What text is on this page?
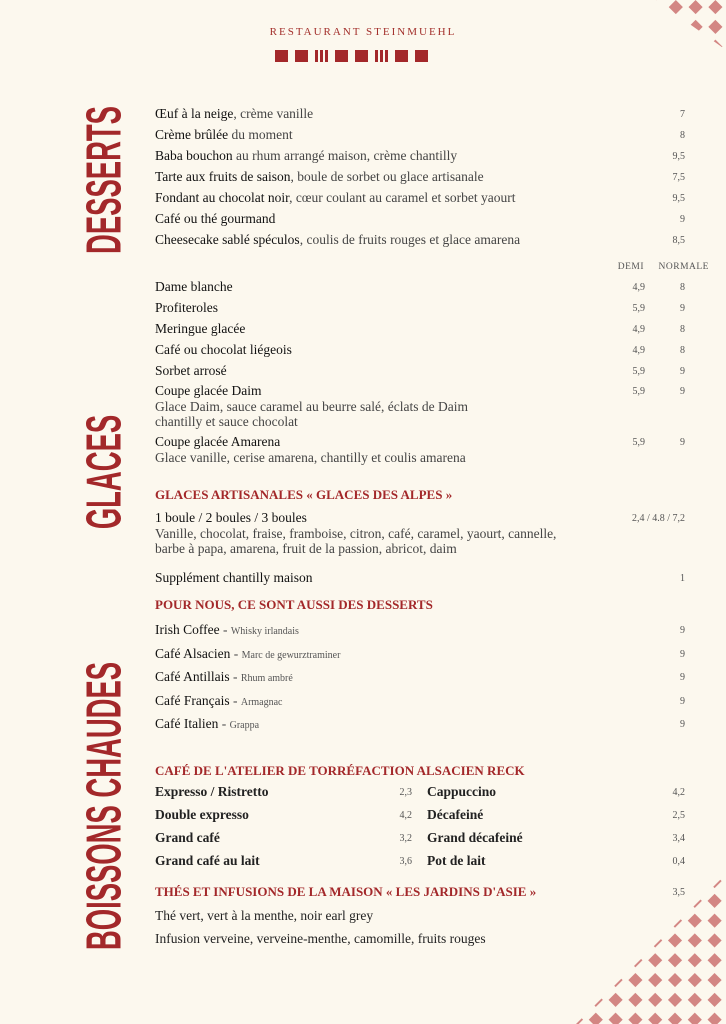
RESTAURANT STEINMUEHL
DESSERTS
GLACES
BOISSONS CHAUDES
DEMI NORMALE
Œuf à la neige, crème vanille	7
Crème brûlée du moment	8
Baba bouchon au rhum arrangé maison, crème chantilly	9,5
Tarte aux fruits de saison, boule de sorbet ou glace artisanale	7,5
Fondant au chocolat noir, cœur coulant au caramel et sorbet yaourt	9,5
Café ou thé gourmand	9
Cheesecake sablé spéculos, coulis de fruits rouges et glace amarena	8,5
Dame blanche	4,9	8
Profiteroles	5,9	9
Meringue glacée	4,9	8
Café ou chocolat liégeois	4,9	8
Sorbet arrosé	5,9	9
Coupe glacée Daim	5,9	9
Glace Daim, sauce caramel au beurre salé, éclats de Daim
chantilly et sauce chocolat
Coupe glacée Amarena	5,9	9
Glace vanille, cerise amarena, chantilly et coulis amarena
GLACES ARTISANALES « GLACES DES ALPES »
1 boule / 2 boules / 3 boules	2,4 / 4.8 / 7,2
Vanille, chocolat, fraise, framboise, citron, café, caramel, yaourt, cannelle,
barbe à papa, amarena, fruit de la passion, abricot, daim
Supplément chantilly maison	1
POUR NOUS, CE SONT AUSSI DES DESSERTS
Irish Coffee - Whisky irlandais	9
Café Alsacien - Marc de gewurztraminer	9
Café Antillais - Rhum ambré	9
Café Français - Armagnac	9
Café Italien - Grappa	9
CAFÉ DE L'ATELIER DE TORRÉFACTION ALSACIEN RECK
Expresso / Ristretto	2,3
Double expresso	4,2
Grand café	3,2
Grand café au lait	3,6
Cappuccino	4,2
Décafeiné	2,5
Grand décafeiné	3,4
Pot de lait	0,4
THÉS ET INFUSIONS DE LA MAISON « LES JARDINS D'ASIE »	3,5
Thé vert, vert à la menthe, noir earl grey
Infusion verveine, verveine-menthe, camomille, fruits rouges
